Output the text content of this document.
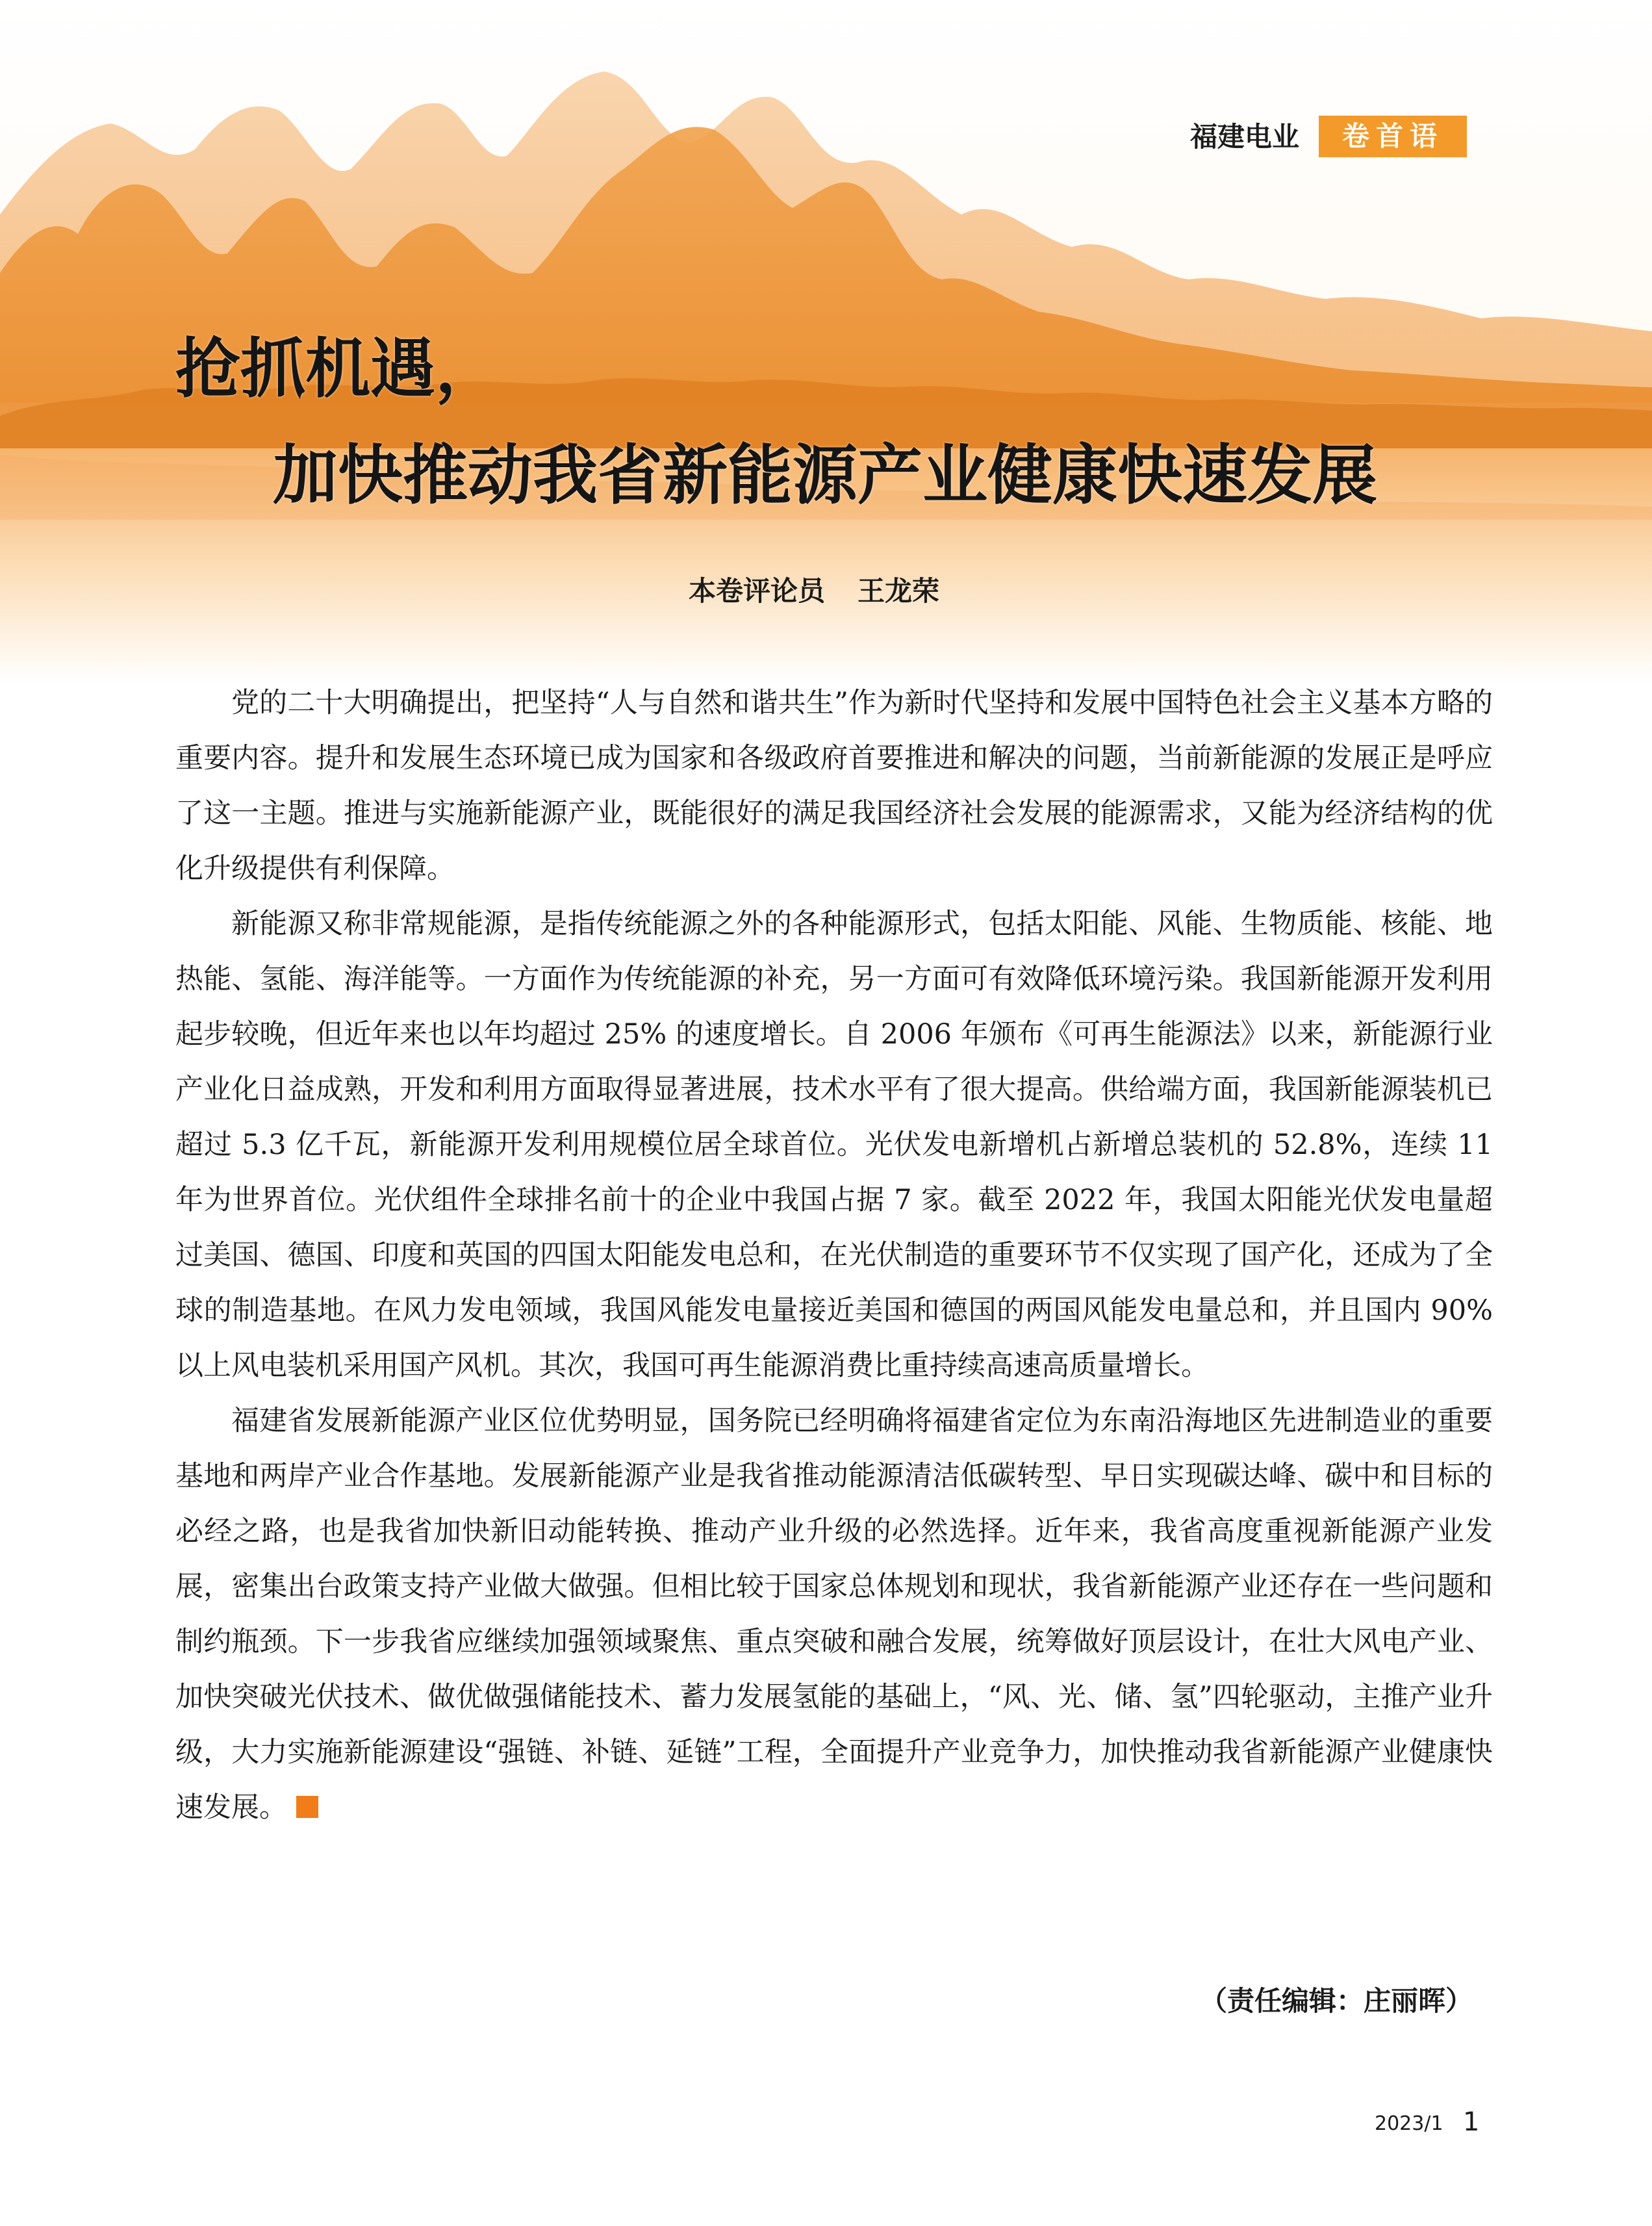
福建电业	卷首语
抢抓机遇，
加快推动我省新能源产业健康快速发展
本卷评论员 王龙荣

党的二十大明确提出，把坚持“人与自然和谐共生”作为新时代坚持和发展中国特色社会主义基本方略的重要内容。提升和发展生态环境已成为国家和各级政府首要推进和解决的问题，当前新能源的发展正是呼应了这一主题。推进与实施新能源产业，既能很好的满足我国经济社会发展的能源需求，又能为经济结构的优化升级提供有利保障。

新能源又称非常规能源，是指传统能源之外的各种能源形式，包括太阳能、风能、生物质能、核能、地热能、氢能、海洋能等。一方面作为传统能源的补充，另一方面可有效降低环境污染。我国新能源开发利用起步较晚，但近年来也以年均超过 25% 的速度增长。自 2006 年颁布《可再生能源法》以来，新能源行业产业化日益成熟，开发和利用方面取得显著进展，技术水平有了很大提高。供给端方面，我国新能源装机已超过 5.3 亿千瓦，新能源开发利用规模位居全球首位。光伏发电新增机占新增总装机的 52.8%，连续 11 年为世界首位。光伏组件全球排名前十的企业中我国占据 7 家。截至 2022 年，我国太阳能光伏发电量超过美国、德国、印度和英国的四国太阳能发电总和，在光伏制造的重要环节不仅实现了国产化，还成为了全球的制造基地。在风力发电领域，我国风能发电量接近美国和德国的两国风能发电量总和，并且国内 90% 以上风电装机采用国产风机。其次，我国可再生能源消费比重持续高速高质量增长。

福建省发展新能源产业区位优势明显，国务院已经明确将福建省定位为东南沿海地区先进制造业的重要基地和两岸产业合作基地。发展新能源产业是我省推动能源清洁低碳转型、早日实现碳达峰、碳中和目标的必经之路，也是我省加快新旧动能转换、推动产业升级的必然选择。近年来，我省高度重视新能源产业发展，密集出台政策支持产业做大做强。但相比较于国家总体规划和现状，我省新能源产业还存在一些问题和制约瓶颈。下一步我省应继续加强领域聚焦、重点突破和融合发展，统筹做好顶层设计，在壮大风电产业、加快突破光伏技术、做优做强储能技术、蓄力发展氢能的基础上，“风、光、储、氢”四轮驱动，主推产业升级，大力实施新能源建设“强链、补链、延链”工程，全面提升产业竞争力，加快推动我省新能源产业健康快速发展。

（责任编辑：庄丽晖）
2023/1 1
